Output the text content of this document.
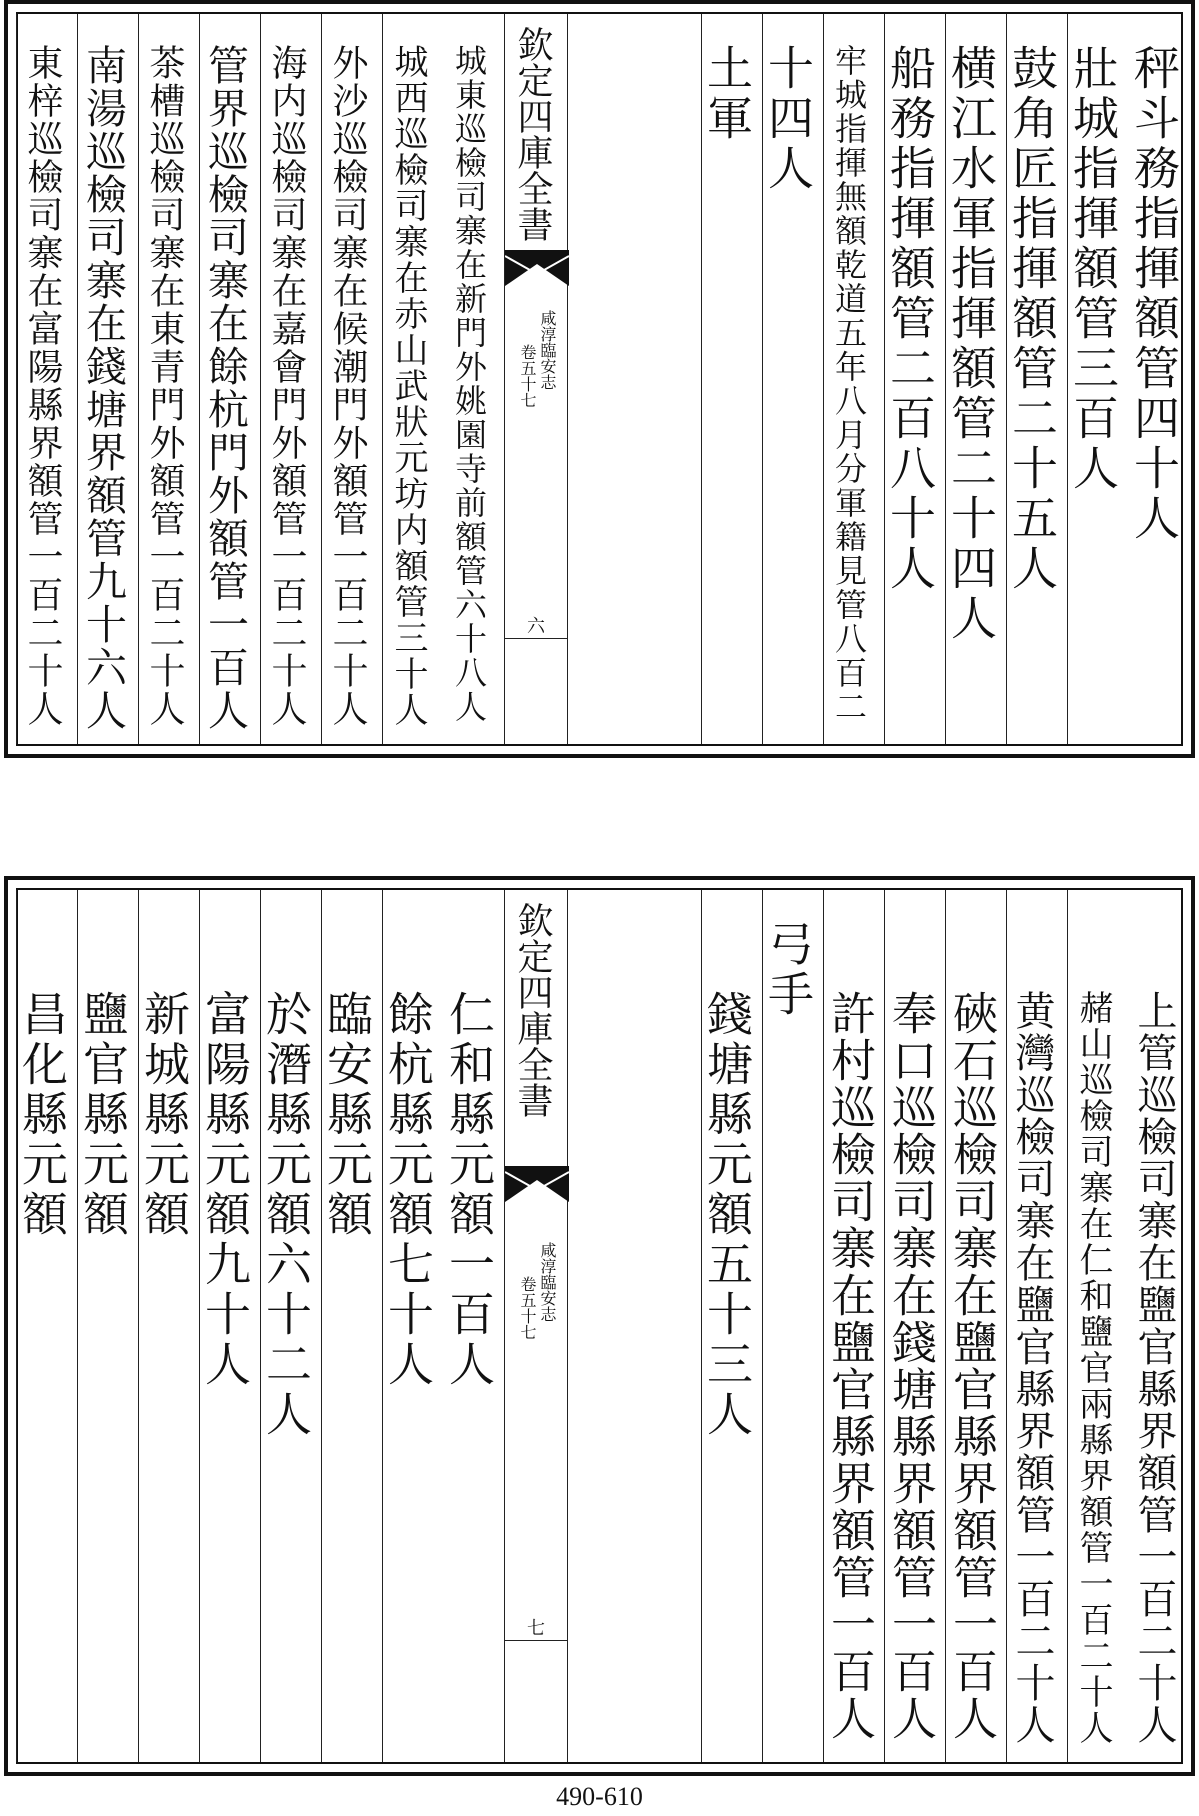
秤斗務指揮額管四十人
壯城指揮額管三百人
鼓角匠指揮額管二十五人
横江水軍指揮額管二十四人
船務指揮額管二百八十人
牢城指揮無額乾道五年八月分軍籍見管八百二
十四人
土軍
欽定四庫全書
咸淳臨安志
卷五十七
六
城東巡檢司寨在新門外姚園寺前額管六十八人
城西巡檢司寨在赤山武狀元坊内額管三十人
外沙巡檢司寨在候潮門外額管一百二十人
海内巡檢司寨在嘉會門外額管一百二十人
管界巡檢司寨在餘杭門外額管一百人
茶槽巡檢司寨在東青門外額管一百二十人
南湯巡檢司寨在錢塘界額管九十六人
東梓巡檢司寨在富陽縣界額管一百二十人
上管巡檢司寨在鹽官縣界額管一百二十人
赭山巡檢司寨在仁和鹽官兩縣界額管一百二十人
黄灣巡檢司寨在鹽官縣界額管一百二十人
硤石巡檢司寨在鹽官縣界額管一百人
奉口巡檢司寨在錢塘縣界額管一百人
許村巡檢司寨在鹽官縣界額管一百人
弓手
錢塘縣元額五十三人
欽定四庫全書
咸淳臨安志
卷五十七
七
仁和縣元額一百人
餘杭縣元額七十人
臨安縣元額
於潛縣元額六十二人
富陽縣元額九十人
新城縣元額
鹽官縣元額
昌化縣元額
490-610
